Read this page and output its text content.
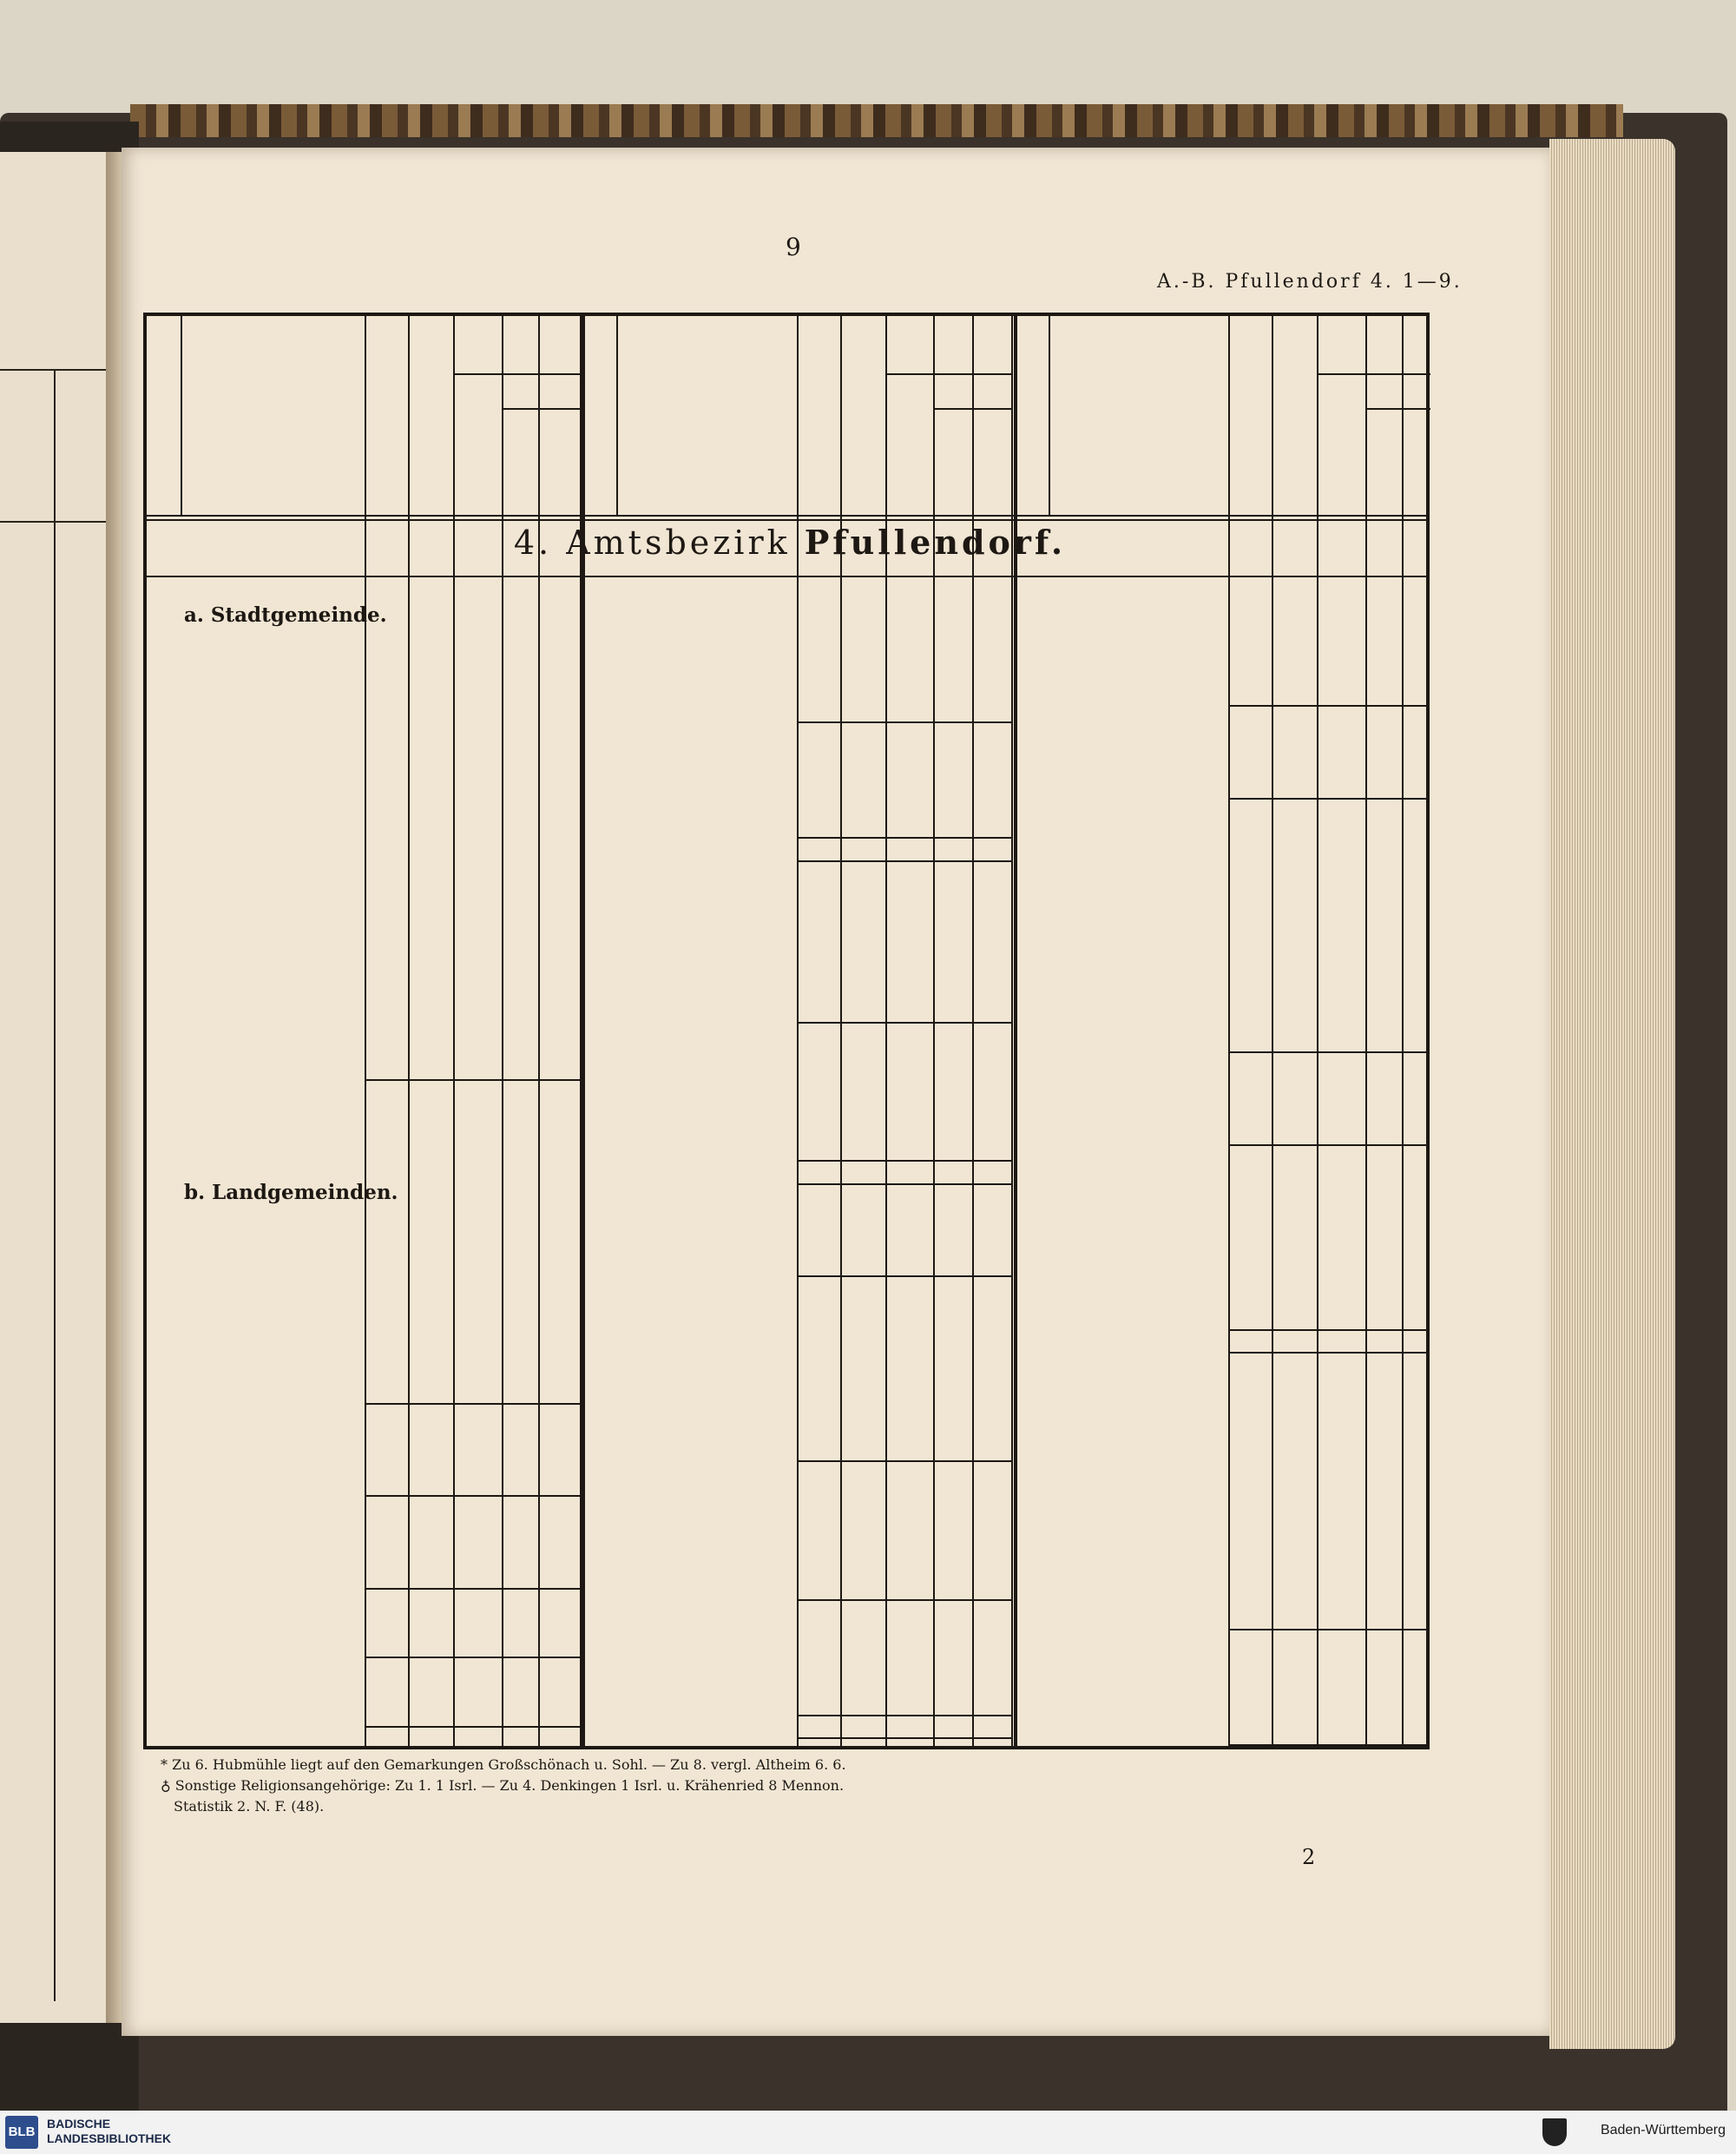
9
A.-B. Pfullendorf 4. 1—9.
4. Amtsbezirk Pfullendorf.
a. Stadtgemeinde.
b. Landgemeinden.
* Zu 6. Hubmühle liegt auf den Gemarkungen Großschönach u. Sohl. — Zu 8. vergl. Altheim 6. 6.
♁ Sonstige Religionsangehörige: Zu 1. 1 Isrl. — Zu 4. Denkingen 1 Isrl. u. Krähenried 8 Mennon.
Statistik 2. N. F. (48).
2
BLB
BADISCHE
LANDESBIBLIOTHEK
Baden-Württemberg
